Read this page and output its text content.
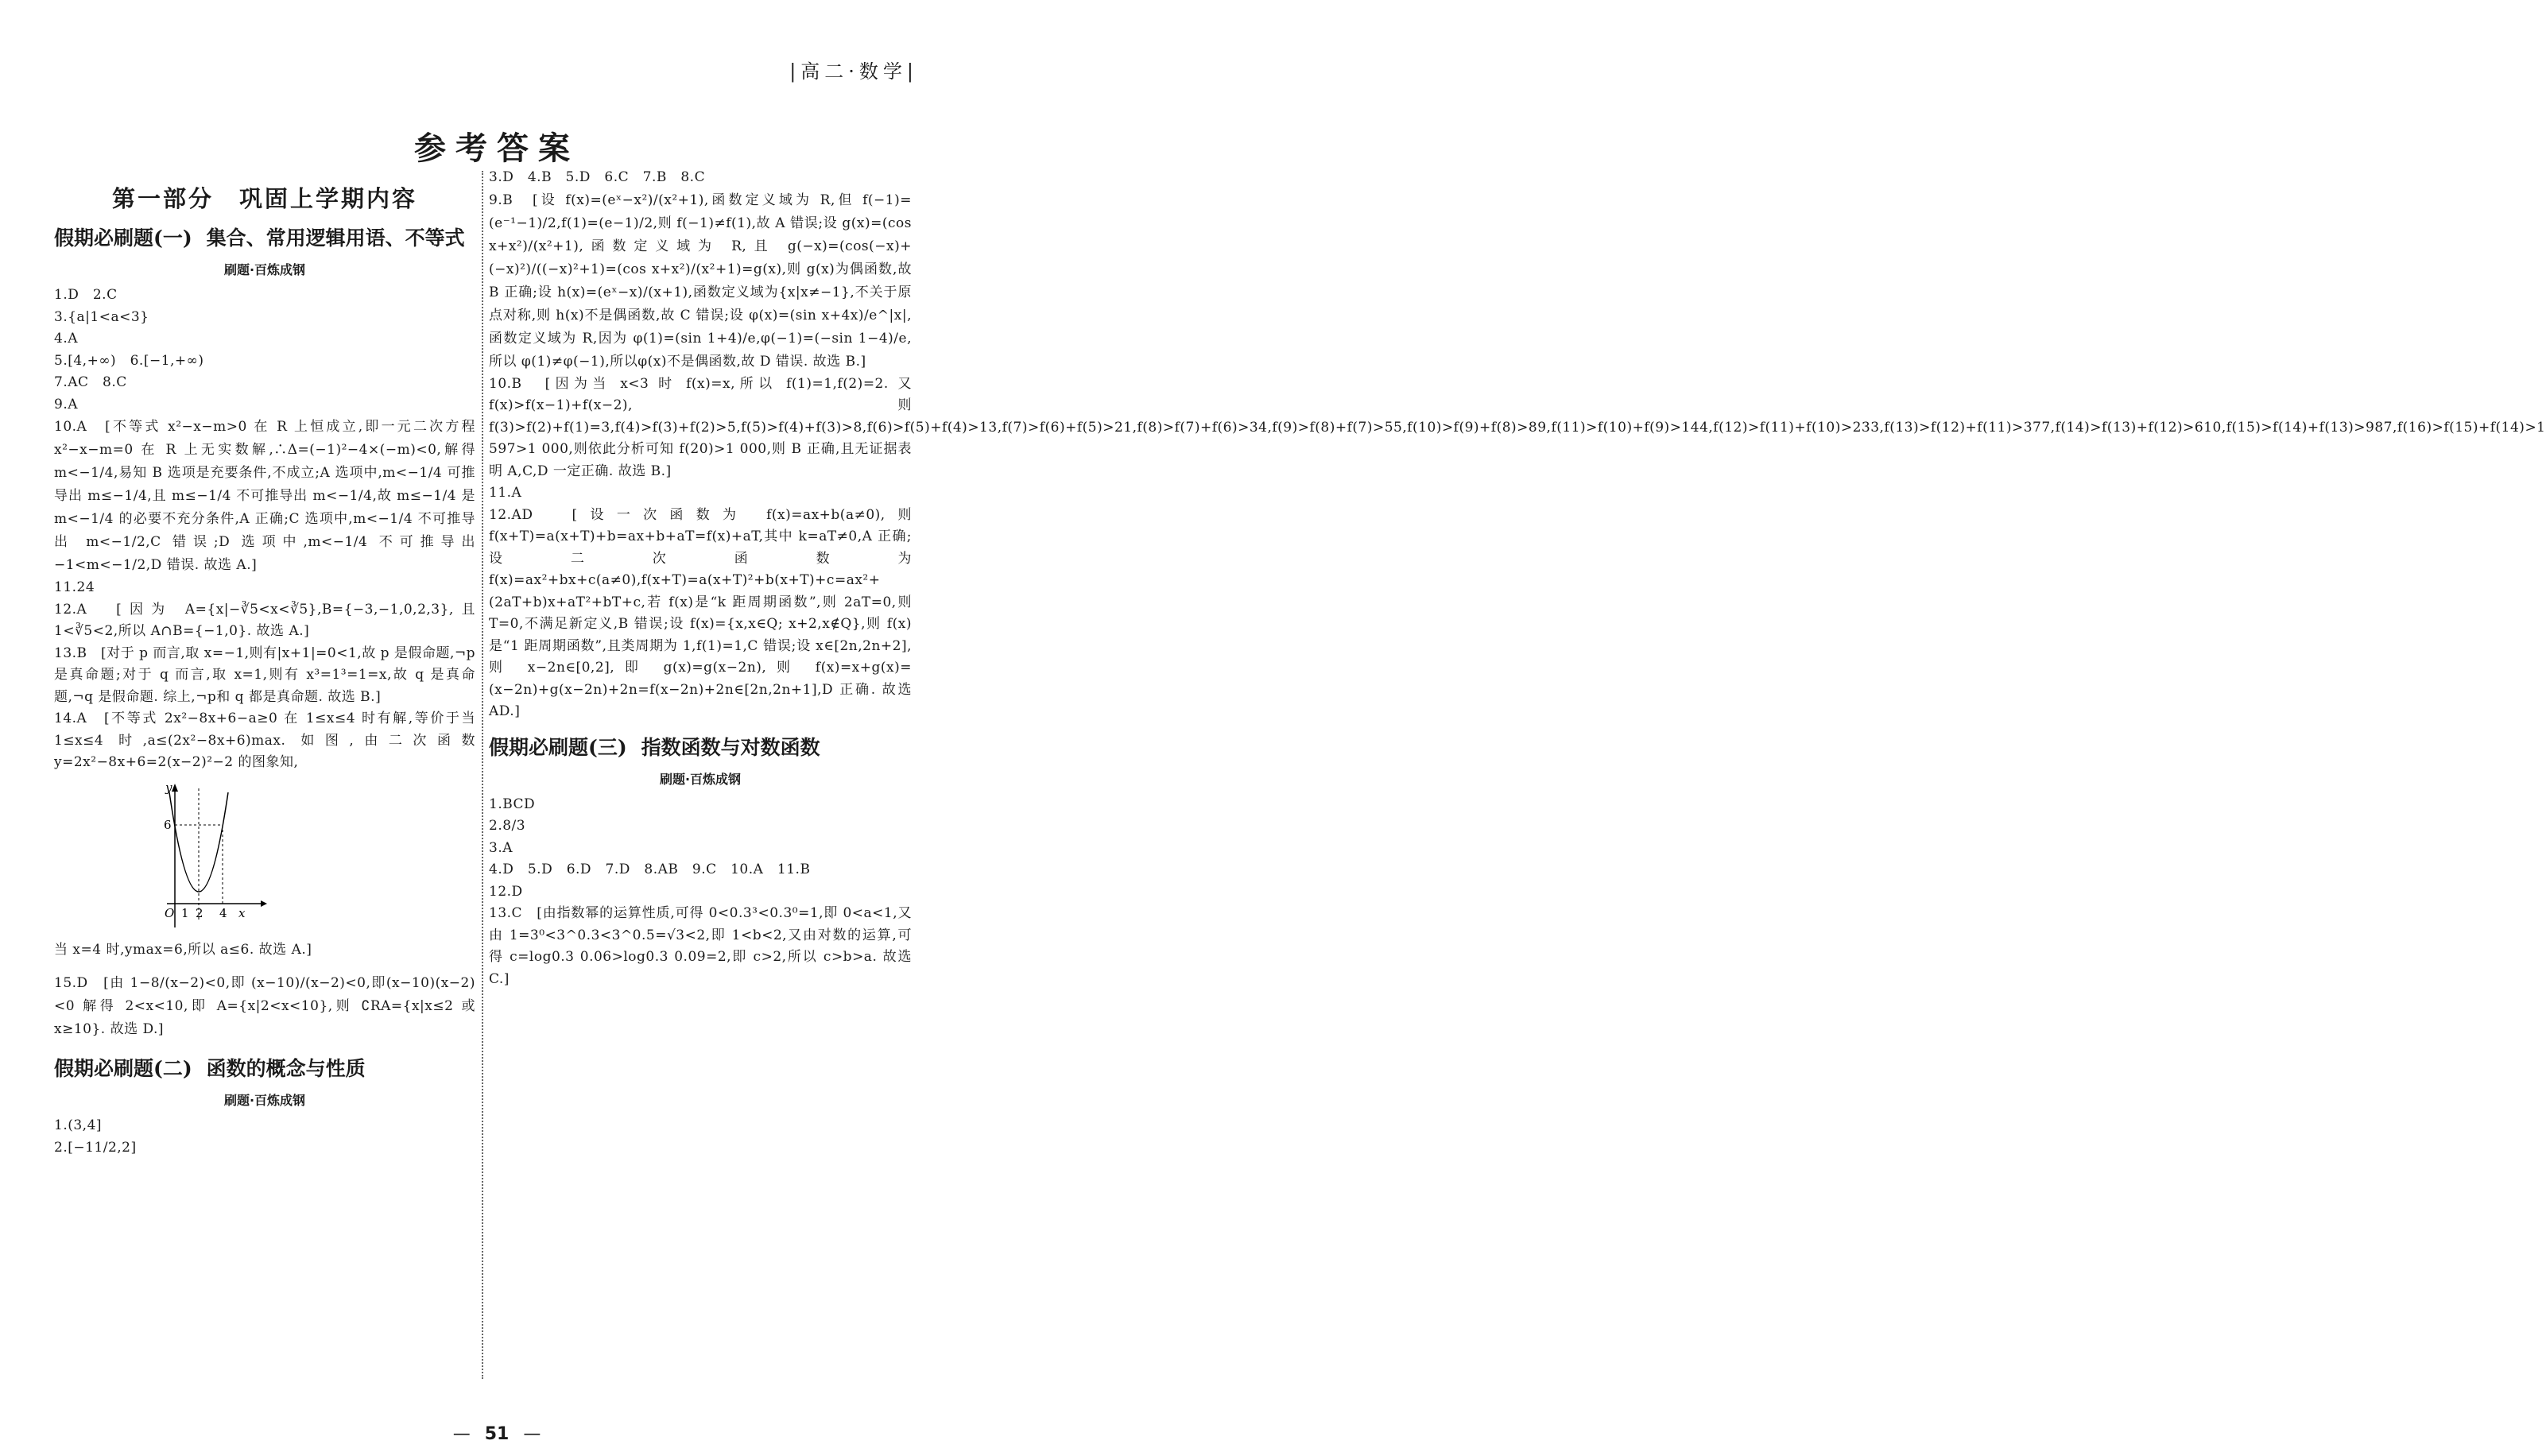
|高二·数学|
参考答案
第一部分　巩固上学期内容
假期必刷题(一) 集合、常用逻辑用语、不等式
刷题·百炼成钢
1.D　2.C
3.{a|1<a<3}
4.A
5.[4,+∞)　6.[−1,+∞)
7.AC　8.C
9.A
10.A　[不等式 x²−x−m>0 在 R 上恒成立,即一元二次方程 x²−x−m=0 在 R 上无实数解,∴Δ=(−1)²−4×(−m)<0,解得m<−1/4,易知 B 选项是充要条件,不成立;A 选项中,m<−1/4 可推导出 m≤−1/4,且 m≤−1/4 不可推导出 m<−1/4,故 m≤−1/4 是 m<−1/4 的必要不充分条件,A 正确;C 选项中,m<−1/4 不可推导出 m<−1/2,C 错误;D 选项中,m<−1/4 不可推导出 −1<m<−1/2,D 错误. 故选 A.]
11.24
12.A　[因为 A={x|−∛5<x<∛5},B={−3,−1,0,2,3},且 1<∛5<2,所以 A∩B={−1,0}. 故选 A.]
13.B　[对于 p 而言,取 x=−1,则有|x+1|=0<1,故 p 是假命题,¬p 是真命题;对于 q 而言,取 x=1,则有 x³=1³=1=x,故 q 是真命题,¬q 是假命题. 综上,¬p和 q 都是真命题. 故选 B.]
14.A　[不等式 2x²−8x+6−a≥0 在 1≤x≤4 时有解,等价于当 1≤x≤4 时,a≤(2x²−8x+6)max. 如图,由二次函数 y=2x²−8x+6=2(x−2)²−2 的图象知,
6
O 1 2 4 x
y
当 x=4 时,ymax=6,所以 a≤6. 故选 A.]
15.D　[由 1−8/(x−2)<0,即 (x−10)/(x−2)<0,即(x−10)(x−2)<0 解得 2<x<10,即 A={x|2<x<10},则 ∁RA={x|x≤2 或 x≥10}. 故选 D.]
假期必刷题(二) 函数的概念与性质
刷题·百炼成钢
1.(3,4]
2.[−11/2,2]
3.D　4.B　5.D　6.C　7.B　8.C
9.B　[设 f(x)=(eˣ−x²)/(x²+1),函数定义域为 R,但 f(−1)=(e⁻¹−1)/2,f(1)=(e−1)/2,则 f(−1)≠f(1),故 A 错误;设 g(x)=(cos x+x²)/(x²+1),函数定义域为 R,且 g(−x)=(cos(−x)+(−x)²)/((−x)²+1)=(cos x+x²)/(x²+1)=g(x),则 g(x)为偶函数,故 B 正确;设 h(x)=(eˣ−x)/(x+1),函数定义域为{x|x≠−1},不关于原点对称,则 h(x)不是偶函数,故 C 错误;设 φ(x)=(sin x+4x)/e^|x|,函数定义域为 R,因为 φ(1)=(sin 1+4)/e,φ(−1)=(−sin 1−4)/e,所以 φ(1)≠φ(−1),所以φ(x)不是偶函数,故 D 错误. 故选 B.]
10.B　[因为当 x<3 时 f(x)=x,所以 f(1)=1,f(2)=2. 又 f(x)>f(x−1)+f(x−2),则 f(3)>f(2)+f(1)=3,f(4)>f(3)+f(2)>5,f(5)>f(4)+f(3)>8,f(6)>f(5)+f(4)>13,f(7)>f(6)+f(5)>21,f(8)>f(7)+f(6)>34,f(9)>f(8)+f(7)>55,f(10)>f(9)+f(8)>89,f(11)>f(10)+f(9)>144,f(12)>f(11)+f(10)>233,f(13)>f(12)+f(11)>377,f(14)>f(13)+f(12)>610,f(15)>f(14)+f(13)>987,f(16)>f(15)+f(14)>1 597>1 000,则依此分析可知 f(20)>1 000,则 B 正确,且无证据表明 A,C,D 一定正确. 故选 B.]
11.A
12.AD　[设一次函数为 f(x)=ax+b(a≠0),则 f(x+T)=a(x+T)+b=ax+b+aT=f(x)+aT,其中 k=aT≠0,A 正确;设二次函数为 f(x)=ax²+bx+c(a≠0),f(x+T)=a(x+T)²+b(x+T)+c=ax²+(2aT+b)x+aT²+bT+c,若 f(x)是“k 距周期函数”,则 2aT=0,则 T=0,不满足新定义,B 错误;设 f(x)={x,x∈Q; x+2,x∉Q},则 f(x)是“1 距周期函数”,且类周期为 1,f(1)=1,C 错误;设 x∈[2n,2n+2],则 x−2n∈[0,2],即 g(x)=g(x−2n),则 f(x)=x+g(x)=(x−2n)+g(x−2n)+2n=f(x−2n)+2n∈[2n,2n+1],D 正确. 故选 AD.]
假期必刷题(三) 指数函数与对数函数
刷题·百炼成钢
1.BCD
2.8/3
3.A
4.D　5.D　6.D　7.D　8.AB　9.C　10.A　11.B
12.D
13.C　[由指数幂的运算性质,可得 0<0.3³<0.3⁰=1,即 0<a<1,又由 1=3⁰<3^0.3<3^0.5=√3<2,即 1<b<2,又由对数的运算,可得 c=log0.3 0.06>log0.3 0.09=2,即 c>2,所以 c>b>a. 故选 C.]
— 51 —
